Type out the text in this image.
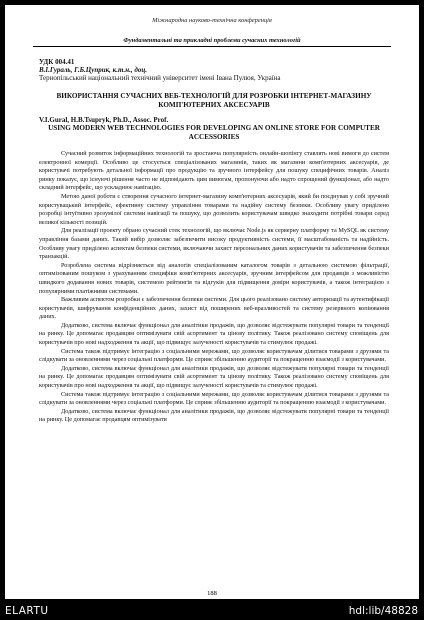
Міжнародна науково-технічна конференція
Фундаментальні та прикладні проблеми сучасних технологій
УДК 004.41
В.І.Гураль, Г.Б.Цуприк, к.т.н., доц.
Тернопільський національний технічний університет імені Івана Пулюя, Україна
ВИКОРИСТАННЯ СУЧАСНИХ ВЕБ-ТЕХНОЛОГІЙ ДЛЯ РОЗРОБКИ ІНТЕРНЕТ-МАГАЗИНУ КОМП'ЮТЕРНИХ АКСЕСУАРІВ
V.I.Gural, H.B.Tsupryk, Ph.D., Assoc. Prof.
USING MODERN WEB TECHNOLOGIES FOR DEVELOPING AN ONLINE STORE FOR COMPUTER ACCESSORIES

Сучасний розвиток інформаційних технологій та зростаюча популярність онлайн-шопінгу ставлять нові вимоги до систем електронної комерції. Особливо це стосується спеціалізованих магазинів, таких як магазини комп'ютерних аксесуарів, де користувачі потребують детальної інформації про продукцію та зручного інтерфейсу для пошуку специфічних товарів. Аналіз ринку показує, що існуючі рішення часто не відповідають цим вимогам, пропонуючи або надто спрощений функціонал, або надто складний інтерфейс, що ускладнює навігацію.

Метою даної роботи є створення сучасного інтернет-магазину комп'ютерних аксесуарів, який би поєднував у собі зручний користувацький інтерфейс, ефективну систему управління товарами та надійну систему безпеки. Особливу увагу приділено розробці інтуїтивно зрозумілої системи навігації та пошуку, що дозволить користувачам швидко знаходити потрібні товари серед великої кількості позицій.

Для реалізації проекту обрано сучасний стек технологій, що включає Node.js як серверну платформу та MySQL як систему управління базами даних. Такий вибір дозволяє забезпечити високу продуктивність системи, її масштабованість та надійність. Особливу увагу приділено аспектам безпеки системи, включаючи захист персональних даних користувачів та забезпечення безпеки транзакцій.

Розроблена система відрізняється від аналогів спеціалізованим каталогом товарів з детальною системою фільтрації, оптимізованим пошуком з урахуванням специфіки комп'ютерних аксесуарів, зручним інтерфейсом для продавців з можливістю швидкого додавання нових товарів, системою рейтингів та відгуків для підвищення довіри користувачів, а також інтеграцією з популярними платіжними системами.

Важливим аспектом розробки є забезпечення безпеки системи. Для цього реалізовано систему авторизації та аутентифікації користувачів, шифрування конфіденційних даних, захист від поширених веб-вразливостей та систему резервного копіювання даних.

Додатково, система включає функціонал для аналітики продажів, що дозволяє відстежувати популярні товари та тенденції на ринку. Це допомагає продавцям оптимізувати свій асортимент та цінову політику. Також реалізовано систему сповіщень для користувачів про нові надходження та акції, що підвищує залученості користувачів та стимулює продажі.

Система також підтримує інтеграцію з соціальними мережами, що дозволяє користувачам ділитися товарами з друзями та слідкувати за оновленнями через соціальні платформи. Це сприяє збільшенню аудиторії та покращенню взаємодії з користувачами.

Додатково, система включає функціонал для аналітики продажів, що дозволяє відстежувати популярні товари та тенденції на ринку. Це допомагає продавцям оптимізувати свій асортимент та цінову політику. Також реалізовано систему сповіщень для користувачів про нові надходження та акції, що підвищує залученості користувачів та стимулює продажі.

Система також підтримує інтеграцію з соціальними мережами, що дозволяє користувачам ділитися товарами з друзями та слідкувати за оновленнями через соціальні платформи. Це сприяє збільшенню аудиторії та покращенню взаємодії з користувачами.

Додатково, система включає функціонал для аналітики продажів, що дозволяє відстежувати популярні товари та тенденції на ринку. Це допомагає продавцям оптимізувати

188
ELARTU	hdl:lib/48828
